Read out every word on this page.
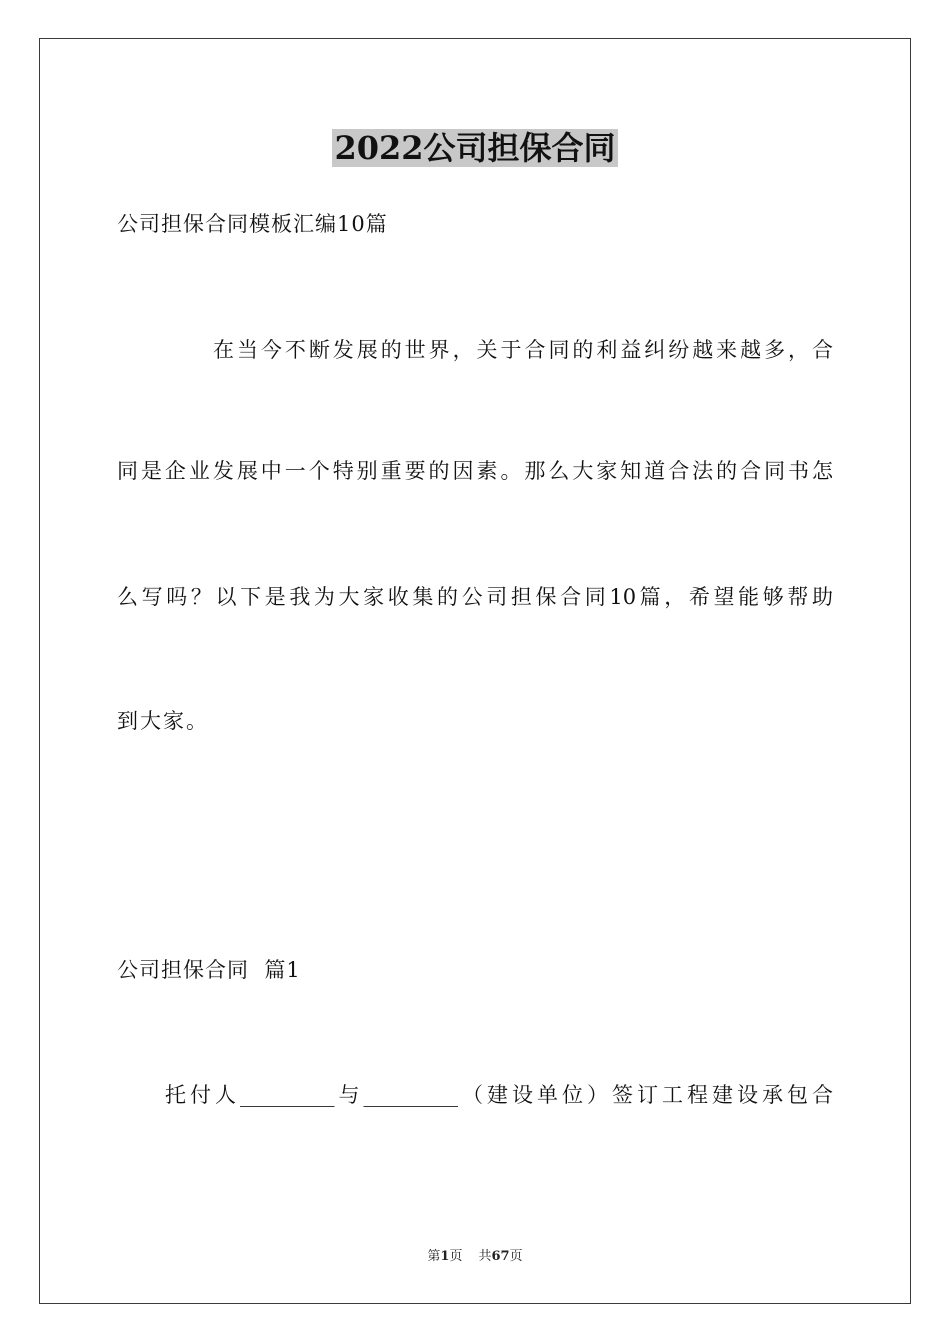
2022公司担保合同
公司担保合同模板汇编10篇
在当今不断发展的世界，关于合同的利益纠纷越来越多，合
同是企业发展中一个特别重要的因素。那么大家知道合法的合同书怎
么写吗？以下是我为大家收集的公司担保合同10篇，希望能够帮助
到大家。
公司担保合同  篇1
托付人_________与_________（建设单位）签订工程建设承包合
第1页 共67页
